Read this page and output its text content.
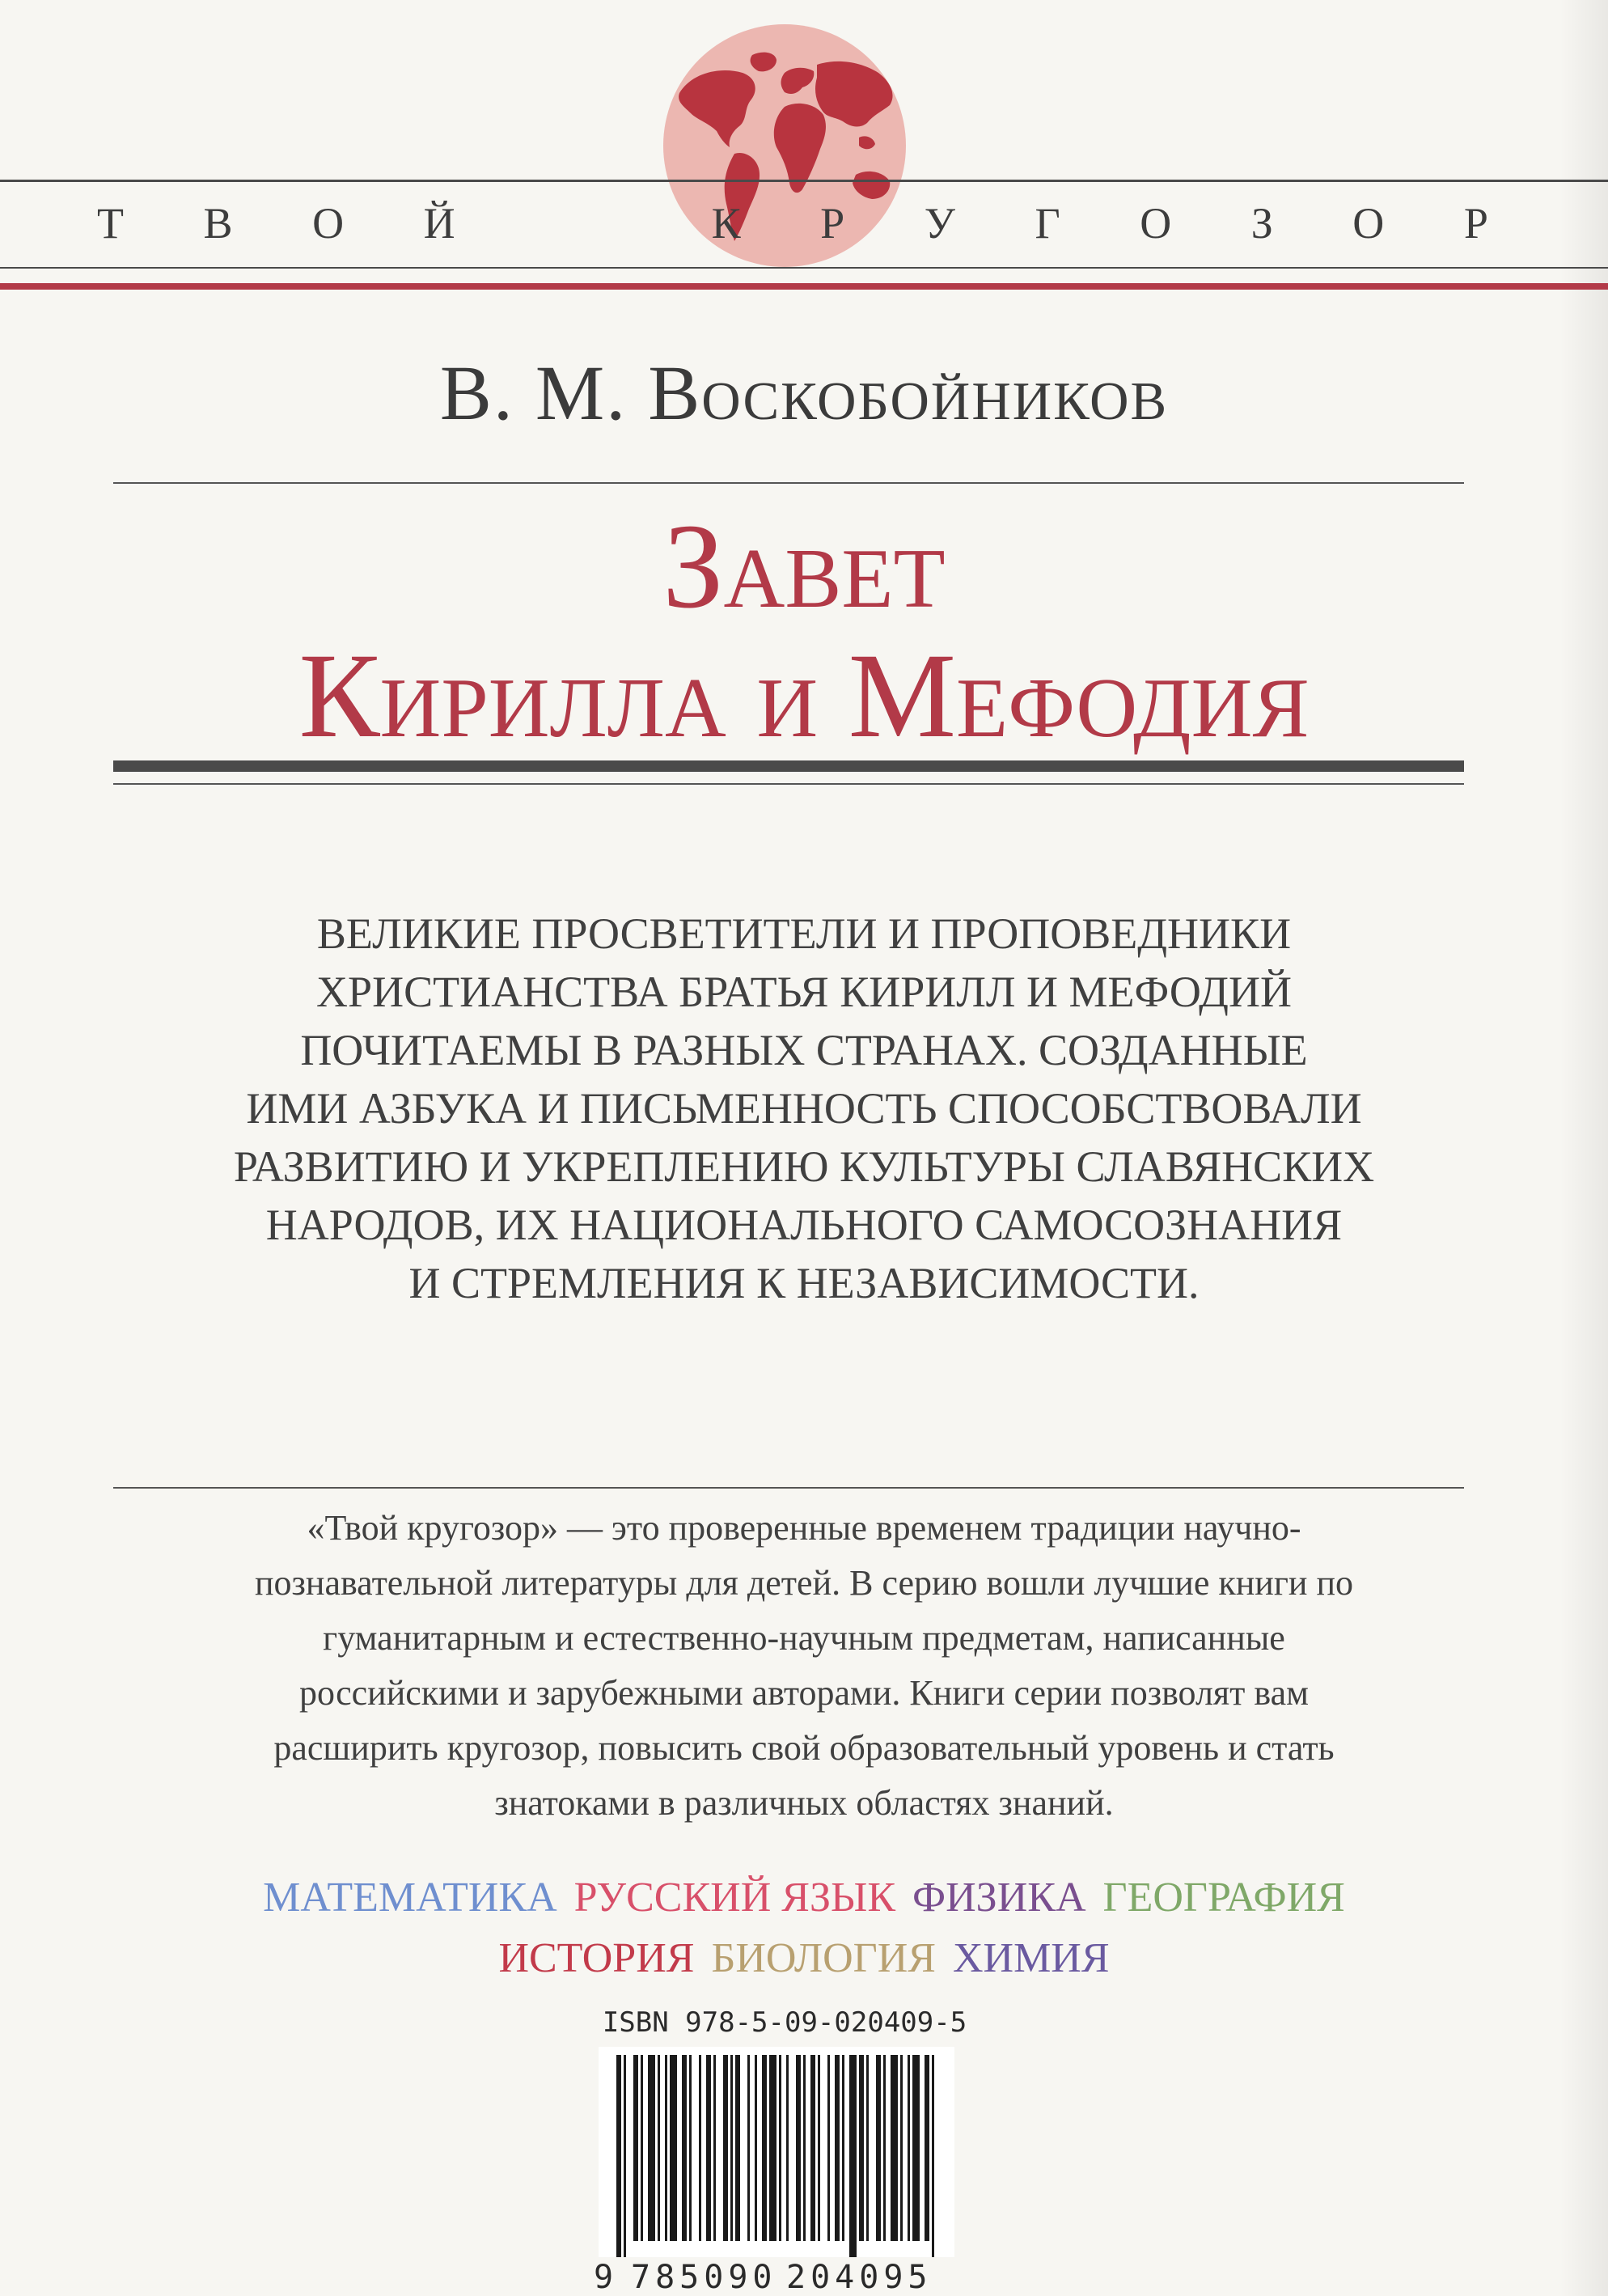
Т В О Й	К Р У Г О З О Р
В. М. Воскобойников
Завет
Кирилла и Мефодия
ВЕЛИКИЕ ПРОСВЕТИТЕЛИ И ПРОПОВЕДНИКИ
ХРИСТИАНСТВА БРАТЬЯ КИРИЛЛ И МЕФОДИЙ
ПОЧИТАЕМЫ В РАЗНЫХ СТРАНАХ. СОЗДАННЫЕ
ИМИ АЗБУКА И ПИСЬМЕННОСТЬ СПОСОБСТВОВАЛИ
РАЗВИТИЮ И УКРЕПЛЕНИЮ КУЛЬТУРЫ СЛАВЯНСКИХ
НАРОДОВ, ИХ НАЦИОНАЛЬНОГО САМОСОЗНАНИЯ
И СТРЕМЛЕНИЯ К НЕЗАВИСИМОСТИ.
«Твой кругозор» — это проверенные временем традиции научно-
познавательной литературы для детей. В серию вошли лучшие книги по
гуманитарным и естественно-научным предметам, написанные
российскими и зарубежными авторами. Книги серии позволят вам
расширить кругозор, повысить свой образовательный уровень и стать
знатоками в различных областях знаний.
МАТЕМАТИКА РУССКИЙ ЯЗЫК ФИЗИКА ГЕОГРАФИЯ
ИСТОРИЯ БИОЛОГИЯ ХИМИЯ
ISBN 978-5-09-020409-5
9 785090 204095
